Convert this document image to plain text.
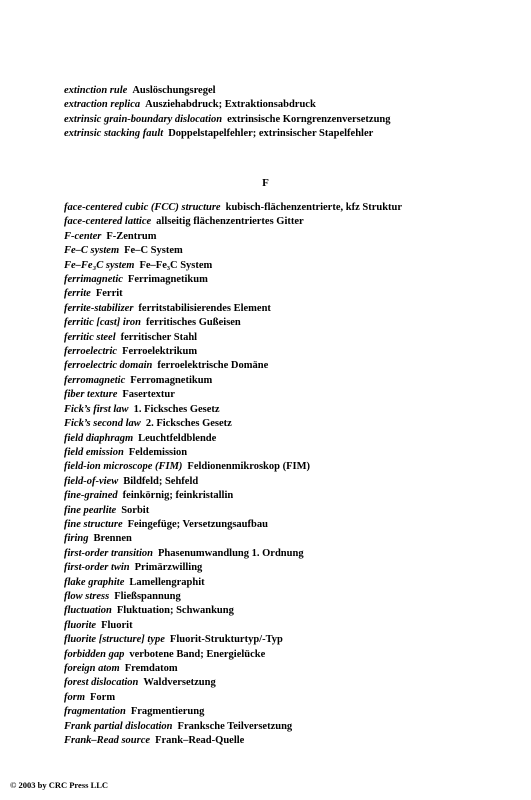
extinction rule Auslöschungsregel
extraction replica Ausziehabdruck; Extraktionsabdruck
extrinsic grain-boundary dislocation extrinsische Korngrenzenversetzung
extrinsic stacking fault Doppelstapelfehler; extrinsischer Stapelfehler
F
face-centered cubic (FCC) structure kubisch-flächenzentrierte, kfz Struktur
face-centered lattice allseitig flächenzentriertes Gitter
F-center F-Zentrum
Fe–C system Fe–C System
Fe–Fe₃C system Fe–Fe₃C System
ferrimagnetic Ferrimagnetikum
ferrite Ferrit
ferrite-stabilizer ferritstabilisierendes Element
ferritic [cast] iron ferritisches Gußeisen
ferritic steel ferritischer Stahl
ferroelectric Ferroelektrikum
ferroelectric domain ferroelektrische Domäne
ferromagnetic Ferromagnetikum
fiber texture Fasertextur
Fick’s first law 1. Ficksches Gesetz
Fick’s second law 2. Ficksches Gesetz
field diaphragm Leuchtfeldblende
field emission Feldemission
field-ion microscope (FIM) Feldionenmikroskop (FIM)
field-of-view Bildfeld; Sehfeld
fine-grained feinkörnig; feinkristallin
fine pearlite Sorbit
fine structure Feingefüge; Versetzungsaufbau
firing Brennen
first-order transition Phasenumwandlung 1. Ordnung
first-order twin Primärzwilling
flake graphite Lamellengraphit
flow stress Fließspannung
fluctuation Fluktuation; Schwankung
fluorite Fluorit
fluorite [structure] type Fluorit-Strukturtyp/-Typ
forbidden gap verbotene Band; Energielücke
foreign atom Fremdatom
forest dislocation Waldversetzung
form Form
fragmentation Fragmentierung
Frank partial dislocation Franksche Teilversetzung
Frank–Read source Frank–Read-Quelle
© 2003 by CRC Press LLC
